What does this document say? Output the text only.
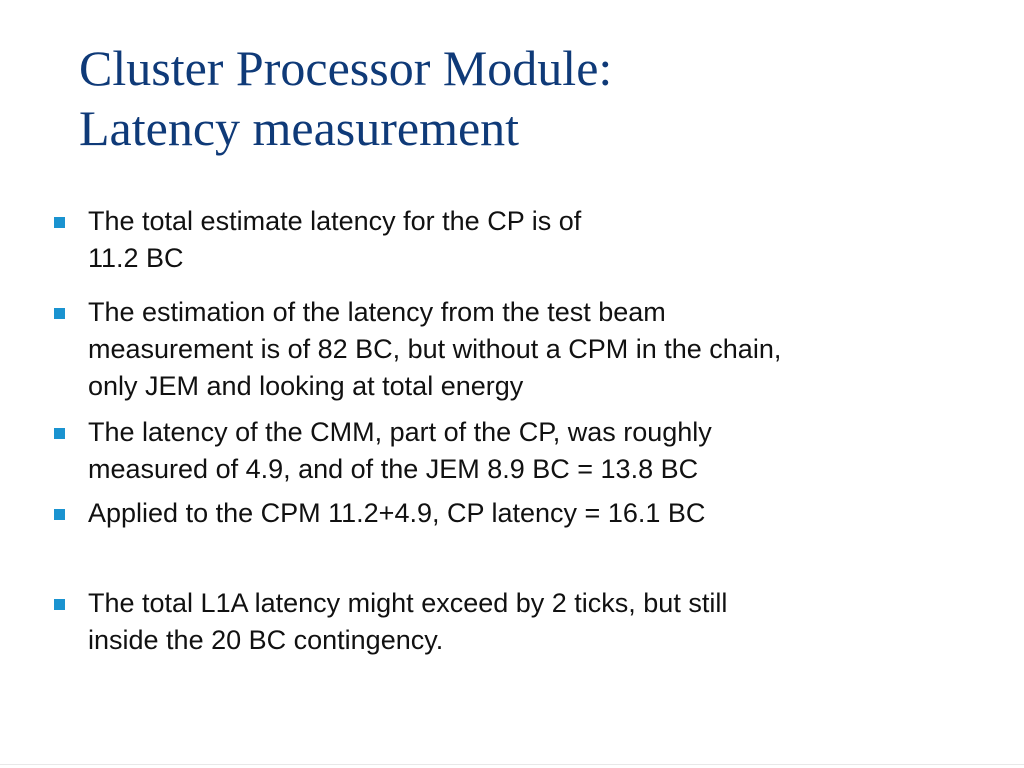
Cluster Processor Module:
Latency measurement
The total estimate latency for the CP is of
11.2 BC
The estimation of the latency from the test beam
measurement is of 82 BC, but without a CPM in the chain,
only JEM and looking at total energy
The latency of the CMM, part of the CP, was roughly
measured of 4.9, and of the JEM 8.9 BC = 13.8 BC
Applied to the CPM 11.2+4.9, CP latency = 16.1 BC
The total L1A latency might exceed by 2 ticks, but still
inside the 20 BC contingency.
